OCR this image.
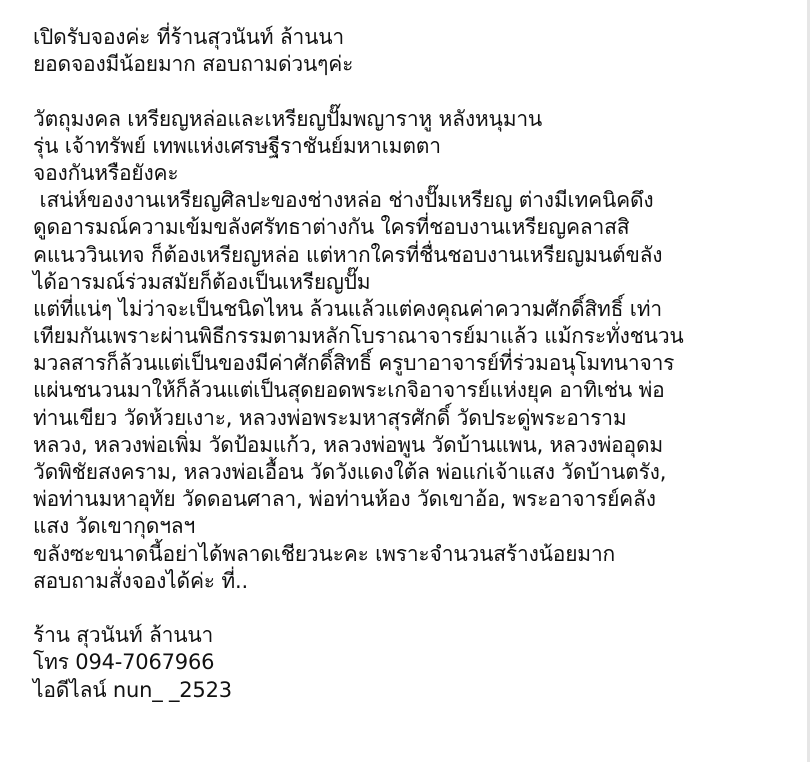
เปิดรับจองค่ะ ที่ร้านสุวนันท์ ล้านนา
ยอดจองมีน้อยมาก สอบถามด่วนๆค่ะ
วัตถุมงคล เหรียญหล่อและเหรียญปั๊มพญาราหู หลังหนุมาน
รุ่น เจ้าทรัพย์ เทพแห่งเศรษฐีราชันย์มหาเมตตา
จองกันหรือยังคะ
เสน่ห์ของงานเหรียญศิลปะของช่างหล่อ ช่างปั๊มเหรียญ ต่างมีเทคนิคดึง
ดูดอารมณ์ความเข้มขลังศรัทธาต่างกัน ใครที่ชอบงานเหรียญคลาสสิ
คแนววินเทจ ก็ต้องเหรียญหล่อ แต่หากใครที่ชื่นชอบงานเหรียญมนต์ขลัง
ได้อารมณ์ร่วมสมัยก็ต้องเป็นเหรียญปั๊ม
แต่ที่แน่ๆ ไม่ว่าจะเป็นชนิดไหน ล้วนแล้วแต่คงคุณค่าความศักดิ์สิทธิ์ เท่า
เทียมกันเพราะผ่านพิธีกรรมตามหลักโบราณาจารย์มาแล้ว แม้กระทั่งชนวน
มวลสารก็ล้วนแต่เป็นของมีค่าศักดิ์สิทธิ์ ครูบาอาจารย์ที่ร่วมอนุโมทนาจาร
แผ่นชนวนมาให้ก็ล้วนแต่เป็นสุดยอดพระเกจิอาจารย์แห่งยุค อาทิเช่น พ่อ
ท่านเขียว วัดห้วยเงาะ, หลวงพ่อพระมหาสุรศักดิ์ วัดประดู่พระอาราม
หลวง, หลวงพ่อเพิ่ม วัดป้อมแก้ว, หลวงพ่อพูน วัดบ้านแพน, หลวงพ่ออุดม
วัดพิชัยสงคราม, หลวงพ่อเอื้อน วัดวังแดงใต้ล พ่อแก่เจ้าแสง วัดบ้านตรัง,
พ่อท่านมหาอุทัย วัดดอนศาลา, พ่อท่านห้อง วัดเขาอ้อ, พระอาจารย์คลัง
แสง วัดเขากุดฯลฯ
ขลังซะขนาดนี้อย่าได้พลาดเชียวนะคะ เพราะจำนวนสร้างน้อยมาก
สอบถามสั่งจองได้ค่ะ ที่..
ร้าน สุวนันท์ ล้านนา
โทร 094-7067966
ไอดีไลน์ nun_ _2523
